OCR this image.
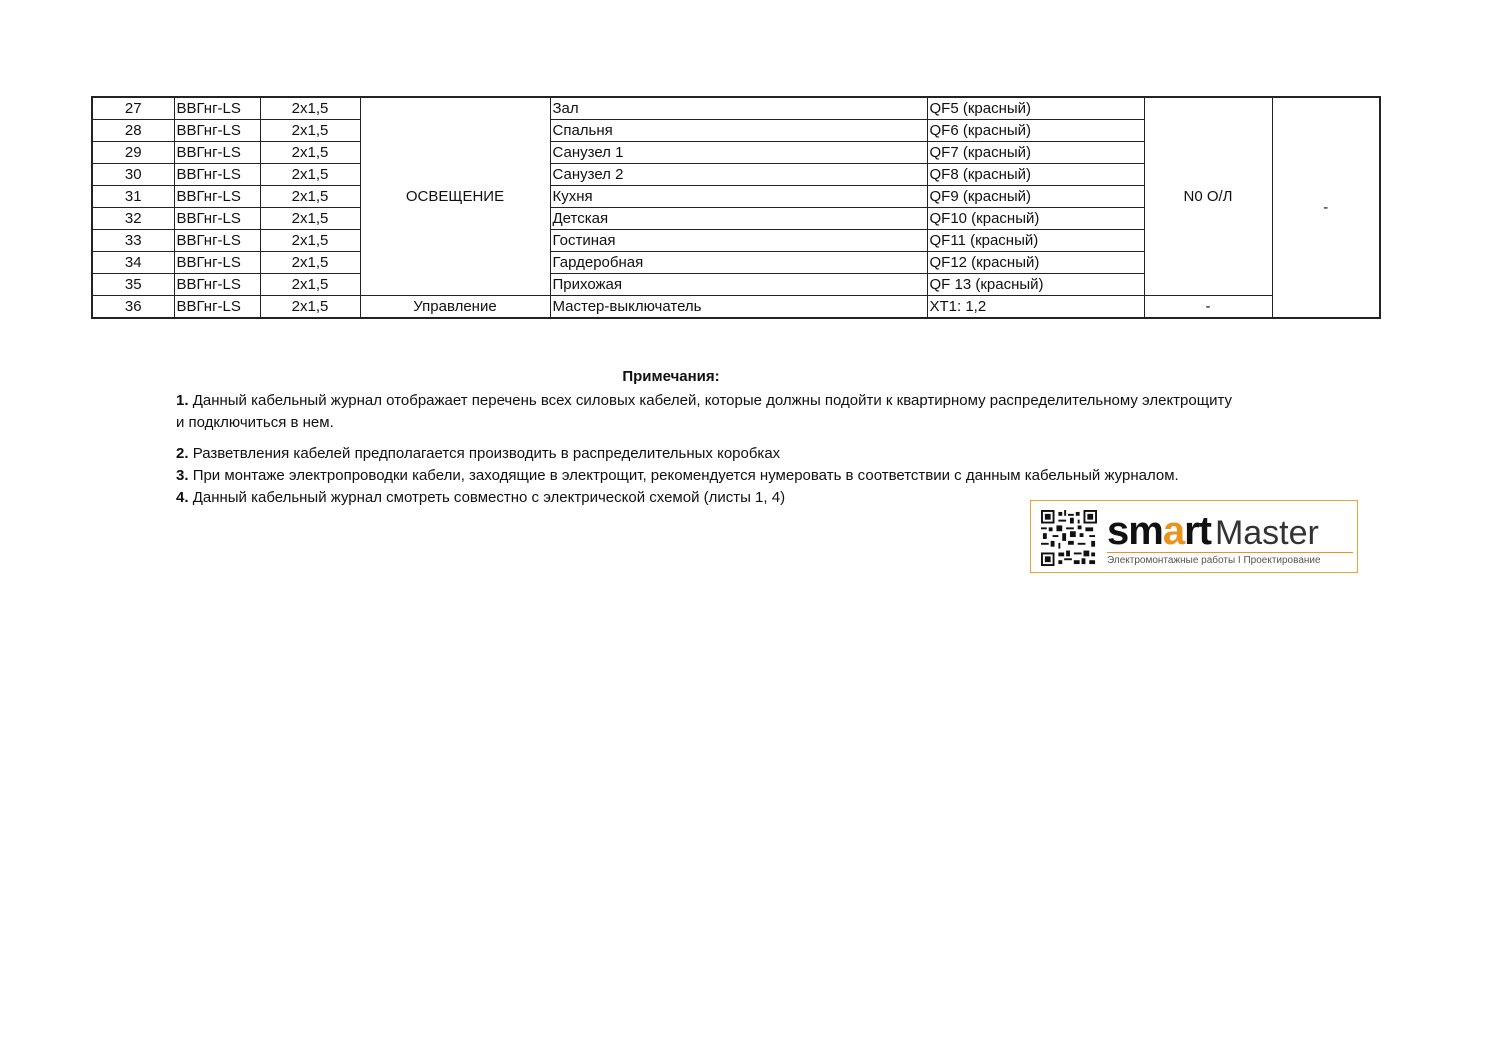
27	ВВГнг-LS	2x1,5	ОСВЕЩЕНИЕ	Зал	QF5 (красный)	N0 О/Л	-
28	ВВГнг-LS	2x1,5		Спальня	QF6 (красный)		
29	ВВГнг-LS	2x1,5		Санузел 1	QF7 (красный)		
30	ВВГнг-LS	2x1,5		Санузел 2	QF8 (красный)		
31	ВВГнг-LS	2x1,5		Кухня	QF9 (красный)		
32	ВВГнг-LS	2x1,5		Детская	QF10 (красный)		
33	ВВГнг-LS	2x1,5		Гостиная	QF11 (красный)		
34	ВВГнг-LS	2x1,5		Гардеробная	QF12 (красный)		
35	ВВГнг-LS	2x1,5		Прихожая	QF 13 (красный)		
36	ВВГнг-LS	2x1,5	Управление	Мастер-выключатель	XT1: 1,2	-	
Примечания:

1. Данный кабельный журнал отображает перечень всех силовых кабелей, которые должны подойти к квартирному распределительному электрощиту

и подключиться в нем.

2. Разветвления кабелей предполагается производить в распределительных коробках

3. При монтаже электропроводки кабели, заходящие в электрощит, рекомендуется нумеровать в соответствии с данным кабельный журналом.

4. Данный кабельный журнал смотреть совместно с электрической схемой (листы 1, 4)

smart Master
Электромонтажные работы I Проектирование
